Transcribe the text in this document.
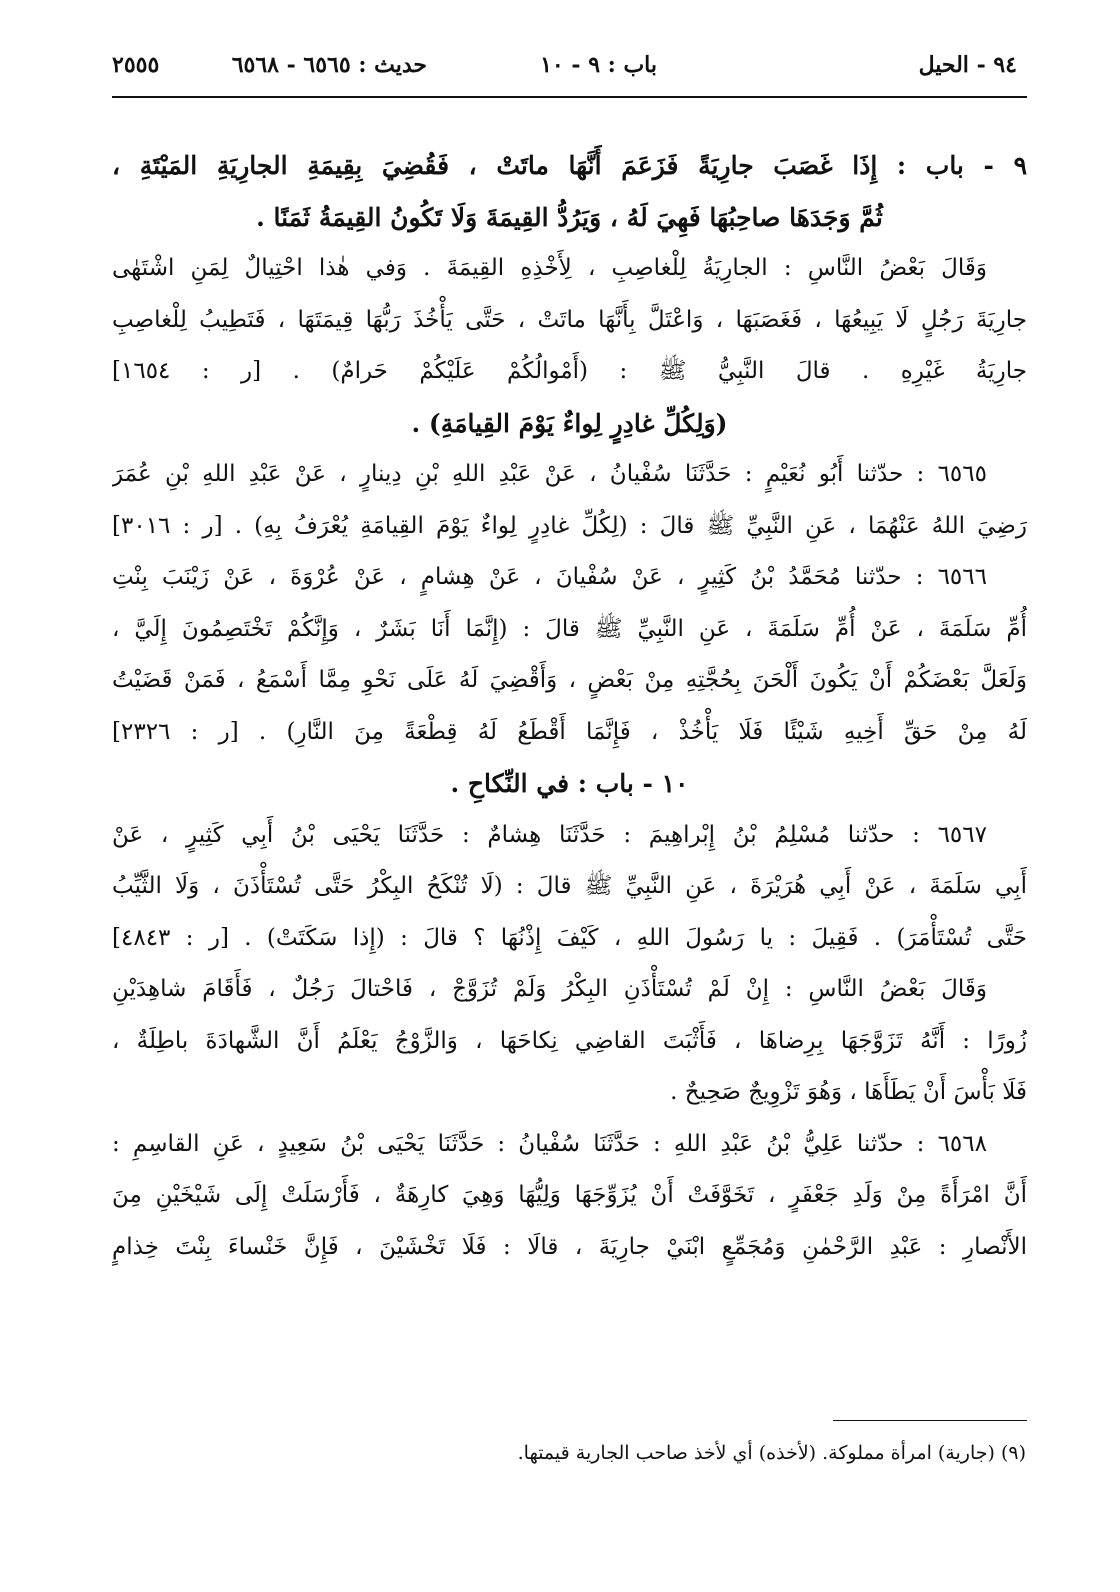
٩٤ - الحيل
باب : ٩ - ١٠
حديث : ٦٥٦٥ - ٦٥٦٨
٢٥٥٥
٩ - باب : إِذَا غَصَبَ جارِيَةً فَزَعَمَ أَنَّهَا ماتَتْ ، فَقُضِيَ بِقِيمَةِ الجارِيَةِ المَيْتَةِ ،
ثُمَّ وَجَدَهَا صاحِبُهَا فَهِيَ لَهُ ، وَيَرُدُّ القِيمَةَ وَلَا تَكُونُ القِيمَةُ ثَمَنًا .
وَقَالَ بَعْضُ النَّاسِ : الجارِيَةُ لِلْغاصِبِ ، لِأَخْذِهِ القِيمَةَ . وَفي هٰذا احْتِيالٌ لِمَنِ اشْتَهٰى
جارِيَةَ رَجُلٍ لَا يَبِيعُهَا ، فَغَصَبَهَا ، وَاعْتَلَّ بِأَنَّهَا ماتَتْ ، حَتَّى يَأْخُذَ رَبُّهَا قِيمَتَهَا ، فَتَطِيبُ لِلْغاصِبِ
جارِيَةُ غَيْرِهِ . قالَ النَّبِيُّ ﷺ : (أَمْوالُكُمْ عَلَيْكُمْ حَرامٌ) . [ر : ١٦٥٤]
(وَلِكُلِّ غادِرٍ لِواءٌ يَوْمَ القِيامَةِ) .
٦٥٦٥ : حدّثنا أَبُو نُعَيْمٍ : حَدَّثَنَا سُفْيانُ ، عَنْ عَبْدِ اللهِ بْنِ دِينارٍ ، عَنْ عَبْدِ اللهِ بْنِ عُمَرَ
رَضِيَ اللهُ عَنْهُمَا ، عَنِ النَّبِيِّ ﷺ قالَ : (لِكُلِّ غادِرٍ لِواءٌ يَوْمَ القِيامَةِ يُعْرَفُ بِهِ) . [ر : ٣٠١٦]
٦٥٦٦ : حدّثنا مُحَمَّدُ بْنُ كَثِيرٍ ، عَنْ سُفْيانَ ، عَنْ هِشامٍ ، عَنْ عُرْوَةَ ، عَنْ زَيْنَبَ بِنْتِ
أُمِّ سَلَمَةَ ، عَنْ أُمِّ سَلَمَةَ ، عَنِ النَّبِيِّ ﷺ قالَ : (إِنَّمَا أَنَا بَشَرٌ ، وَإِنَّكُمْ تَخْتَصِمُونَ إِلَيَّ ،
وَلَعَلَّ بَعْضَكُمْ أَنْ يَكُونَ أَلْحَنَ بِحُجَّتِهِ مِنْ بَعْضٍ ، وَأَقْضِيَ لَهُ عَلَى نَحْوِ مِمَّا أَسْمَعُ ، فَمَنْ قَضَيْتُ
لَهُ مِنْ حَقِّ أَخِيهِ شَيْئًا فَلَا يَأْخُذْ ، فَإِنَّمَا أَقْطَعُ لَهُ قِطْعَةً مِنَ النَّارِ) . [ر : ٢٣٢٦]
١٠ - باب : في النِّكاحِ .
٦٥٦٧ : حدّثنا مُسْلِمُ بْنُ إِبْراهِيمَ : حَدَّثَنَا هِشامٌ : حَدَّثَنَا يَحْيَى بْنُ أَبِي كَثِيرٍ ، عَنْ
أَبِي سَلَمَةَ ، عَنْ أَبِي هُرَيْرَةَ ، عَنِ النَّبِيِّ ﷺ قالَ : (لَا تُنْكَحُ البِكْرُ حَتَّى تُسْتَأْذَنَ ، وَلَا الثَّيِّبُ
حَتَّى تُسْتَأْمَرَ) . فَقِيلَ : يا رَسُولَ اللهِ ، كَيْفَ إِذْنُهَا ؟ قالَ : (إِذا سَكَتَتْ) . [ر : ٤٨٤٣]
وَقَالَ بَعْضُ النَّاسِ : إِنْ لَمْ تُسْتَأْذَنِ البِكْرُ وَلَمْ تُزَوَّجْ ، فَاحْتالَ رَجُلٌ ، فَأَقَامَ شاهِدَيْنِ
زُورًا : أَنَّهُ تَزَوَّجَهَا بِرِضاهَا ، فَأَثْبَتَ القاضِي نِكاحَهَا ، وَالزَّوْجُ يَعْلَمُ أَنَّ الشَّهادَةَ باطِلَةٌ ،
فَلَا بَأْسَ أَنْ يَطَأَهَا ، وَهُوَ تَزْوِيجٌ صَحِيحٌ .
٦٥٦٨ : حدّثنا عَلِيُّ بْنُ عَبْدِ اللهِ : حَدَّثَنَا سُفْيانُ : حَدَّثَنَا يَحْيَى بْنُ سَعِيدٍ ، عَنِ القاسِمِ :
أَنَّ امْرَأَةً مِنْ وَلَدِ جَعْفَرٍ ، تَخَوَّفَتْ أَنْ يُزَوِّجَهَا وَلِيُّهَا وَهِيَ كارِهَةٌ ، فَأَرْسَلَتْ إِلَى شَيْخَيْنِ مِنَ
الأَنْصارِ : عَبْدِ الرَّحْمٰنِ وَمُجَمِّعٍ ابْنَيْ جارِيَةَ ، قالَا : فَلَا تَخْشَيْنَ ، فَإِنَّ خَنْساءَ بِنْتَ خِذامٍ
(٩) (جارية) امرأة مملوكة. (لأخذه) أي لأخذ صاحب الجارية قيمتها.
